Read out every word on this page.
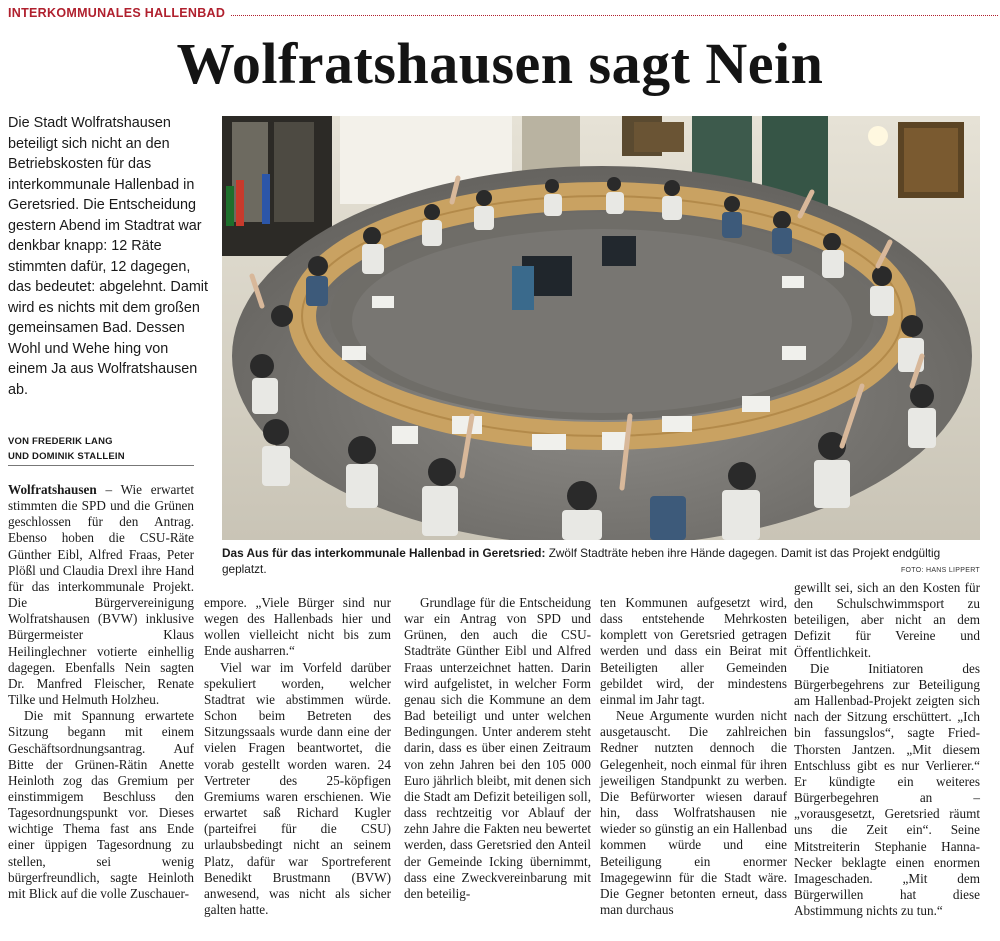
INTERKOMMUNALES HALLENBAD
Wolfratshausen sagt Nein

Die Stadt Wolfratshausen beteiligt sich nicht an den Betriebskosten für das interkommunale Hallenbad in Geretsried. Die Entscheidung gestern Abend im Stadtrat war denkbar knapp: 12 Räte stimmten dafür, 12 dagegen, das bedeutet: abgelehnt. Damit wird es nichts mit dem großen gemeinsamen Bad. Dessen Wohl und Wehe hing von einem Ja aus Wolfratshausen ab.

VON FREDERIK LANG
UND DOMINIK STALLEIN

Das Aus für das interkommunale Hallenbad in Geretsried: Zwölf Stadträte heben ihre Hände dagegen. Damit ist das Projekt endgültig geplatzt.	FOTO: HANS LIPPERT

Wolfratshausen – Wie erwartet stimmten die SPD und die Grünen geschlossen für den Antrag. Ebenso hoben die CSU-Räte Günther Eibl, Alfred Fraas, Peter Plößl und Claudia Drexl ihre Hand für das interkommunale Projekt. Die Bürgervereinigung Wolfratshausen (BVW) inklusive Bürgermeister Klaus Heilinglechner votierte einhellig dagegen. Ebenfalls Nein sagten Dr. Manfred Fleischer, Renate Tilke und Helmuth Holzheu.

Die mit Spannung erwartete Sitzung begann mit einem Geschäftsordnungsantrag. Auf Bitte der Grünen-Rätin Anette Heinloth zog das Gremium per einstimmigem Beschluss den Tagesordnungspunkt vor. Dieses wichtige Thema fast ans Ende einer üppigen Tagesordnung zu stellen, sei wenig bürgerfreundlich, sagte Heinloth mit Blick auf die volle Zuschauer-

empore. „Viele Bürger sind nur wegen des Hallenbads hier und wollen vielleicht nicht bis zum Ende ausharren.“

Viel war im Vorfeld darüber spekuliert worden, welcher Stadtrat wie abstimmen würde. Schon beim Betreten des Sitzungssaals wurde dann eine der vielen Fragen beantwortet, die vorab gestellt worden waren. 24 Vertreter des 25-köpfigen Gremiums waren erschienen. Wie erwartet saß Richard Kugler (parteifrei für die CSU) urlaubsbedingt nicht an seinem Platz, dafür war Sportreferent Benedikt Brustmann (BVW) anwesend, was nicht als sicher galten hatte.

Grundlage für die Entscheidung war ein Antrag von SPD und Grünen, den auch die CSU-Stadträte Günther Eibl und Alfred Fraas unterzeichnet hatten. Darin wird aufgelistet, in welcher Form genau sich die Kommune an dem Bad beteiligt und unter welchen Bedingungen. Unter anderem steht darin, dass es über einen Zeitraum von zehn Jahren bei den 105 000 Euro jährlich bleibt, mit denen sich die Stadt am Defizit beteiligen soll, dass rechtzeitig vor Ablauf der zehn Jahre die Fakten neu bewertet werden, dass Geretsried den Anteil der Gemeinde Icking übernimmt, dass eine Zweckvereinbarung mit den beteilig-

ten Kommunen aufgesetzt wird, dass entstehende Mehrkosten komplett von Geretsried getragen werden und dass ein Beirat mit Beteiligten aller Gemeinden gebildet wird, der mindestens einmal im Jahr tagt.

Neue Argumente wurden nicht ausgetauscht. Die zahlreichen Redner nutzten dennoch die Gelegenheit, noch einmal für ihren jeweiligen Standpunkt zu werben. Die Befürworter wiesen darauf hin, dass Wolfratshausen nie wieder so günstig an ein Hallenbad kommen würde und eine Beteiligung ein enormer Imagegewinn für die Stadt wäre. Die Gegner betonten erneut, dass man durchaus

gewillt sei, sich an den Kosten für den Schulschwimmsport zu beteiligen, aber nicht an dem Defizit für Vereine und Öffentlichkeit.

Die Initiatoren des Bürgerbegehrens zur Beteiligung am Hallenbad-Projekt zeigten sich nach der Sitzung erschüttert. „Ich bin fassungslos“, sagte Fried-Thorsten Jantzen. „Mit diesem Entschluss gibt es nur Verlierer.“ Er kündigte ein weiteres Bürgerbegehren an – „vorausgesetzt, Geretsried räumt uns die Zeit ein“. Seine Mitstreiterin Stephanie Hanna-Necker beklagte einen enormen Imageschaden. „Mit dem Bürgerwillen hat diese Abstimmung nichts zu tun.“
